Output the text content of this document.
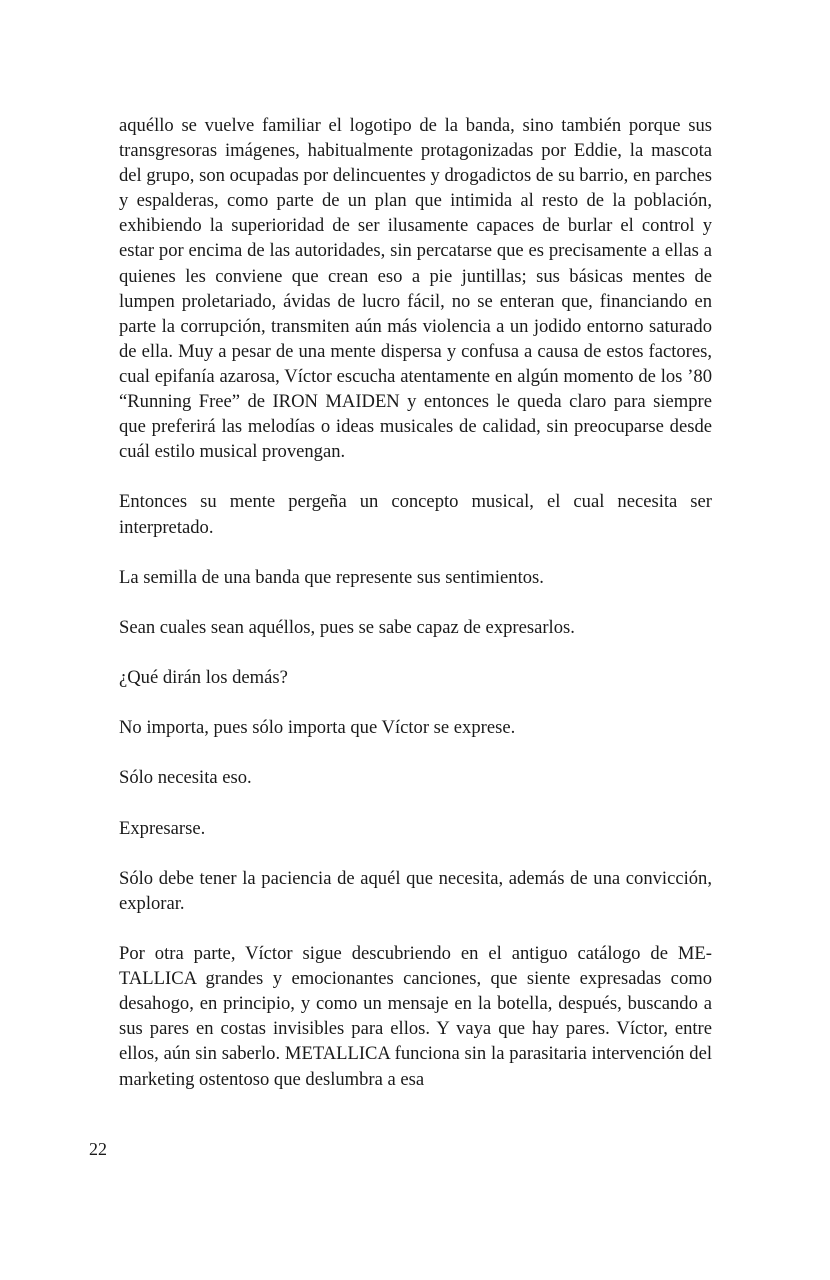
aquéllo se vuelve familiar el logotipo de la banda, sino también porque sus transgresoras imágenes, habitualmente protagonizadas por Eddie, la mascota del grupo, son ocupadas por delincuentes y drogadictos de su barrio, en parches y espalderas, como parte de un plan que intimida al resto de la población, exhibiendo la superioridad de ser ilusamente capaces de burlar el control y estar por encima de las autoridades, sin percatarse que es precisamente a ellas a quienes les conviene que crean eso a pie juntillas; sus básicas mentes de lumpen proletariado, ávidas de lucro fácil, no se enteran que, financiando en parte la corrupción, transmiten aún más violencia a un jodido entorno saturado de ella. Muy a pesar de una mente dispersa y confusa a causa de estos factores, cual epifanía azarosa, Víctor escucha atentamente en algún momento de los ’80 “Running Free” de IRON MAIDEN y entonces le queda claro para siempre que preferirá las melodías o ideas musicales de calidad, sin preocuparse desde cuál estilo musical provengan.

Entonces su mente pergeña un concepto musical, el cual necesita ser interpretado.

La semilla de una banda que represente sus sentimientos.

Sean cuales sean aquéllos, pues se sabe capaz de expresarlos.

¿Qué dirán los demás?

No importa, pues sólo importa que Víctor se exprese.

Sólo necesita eso.

Expresarse.

Sólo debe tener la paciencia de aquél que necesita, además de una convicción, explorar.

Por otra parte, Víctor sigue descubriendo en el antiguo catálogo de METALLICA grandes y emocionantes canciones, que siente expresadas como desahogo, en principio, y como un mensaje en la botella, después, buscando a sus pares en costas invisibles para ellos. Y vaya que hay pares. Víctor, entre ellos, aún sin saberlo. METALLICA funciona sin la parasitaria intervención del marketing ostentoso que deslumbra a esa

22
